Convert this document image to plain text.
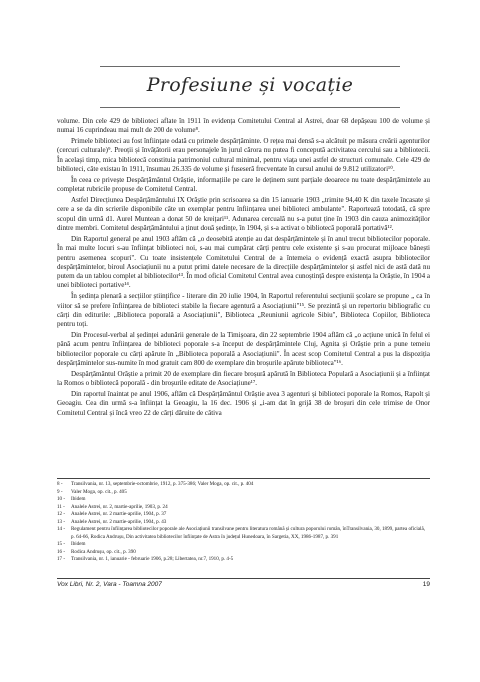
Profesiune și vocație

volume. Din cele 429 de biblioteci aflate în 1911 în evidența Comitetului Central al Astrei, doar 68 depășeau 100 de volume și numai 16 cuprindeau mai mult de 200 de volume⁸.

Primele biblioteci au fost înființate odată cu primele despărțăminte. O rețea mai densă s-a alcătuit pe măsura creării agenturilor (cercuri culturale)⁹. Preoții și învățătorii erau personajele în jurul cărora nu putea fi concepută activitatea cercului sau a bibliotecii. În același timp, mica bibliotecă constituia patrimoniul cultural minimal, pentru viața unei astfel de structuri comunale. Cele 429 de biblioteci, câte existau în 1911, însumau 26.335 de volume și fuseseră frecventate în cursul anului de 9.812 utilizatori¹⁰.

În ceea ce privește Despărțământul Orăștie, informațiile pe care le deținem sunt parțiale deoarece nu toate despărțămintele au completat rubricile propuse de Comitetul Central.

Astfel Direcțiunea Despărțământului IX Orăștie prin scrisoarea sa din 15 ianuarie 1903 „trimite 94,40 K din taxele încasate și cere a se da din scrierile disponibile câte un exemplar pentru înființarea unei biblioteci ambulante". Raportează totodată, că spre scopul din urmă d1. Aurel Muntean a donat 50 de kreițari¹¹. Adunarea cercuală nu s-a putut ține în 1903 din cauza animozităților dintre membri. Comitetul despărțământului a ținut două ședințe, în 1904, și s-a activat o bibliotecă poporală portativă¹².

Din Raportul general pe anul 1903 aflăm că „o deosebită atenție au dat despărțămintele și în anul trecut bibliotecilor poporale. În mai multe locuri s-au înființat biblioteci noi, s-au mai cumpărat cărți pentru cele existente și s-au procurat mijloace bănești pentru asemenea scopuri". Cu toate insistențele Comitetului Central de a întemeia o evidență exactă asupra bibliotecilor despărțămintelor, biroul Asociațiunii nu a putut primi datele necesare de la direcțiile despărțămintelor și astfel nici de astă dată nu putem da un tablou complet al bibliotecilor¹³. În mod oficial Comitetul Central avea cunoștință despre existența la Orăștie, în 1904 a unei biblioteci portative¹⁴.

În ședința plenară a secțiilor științifice - literare din 20 iulie 1904, în Raportul referentului secțiunii școlare se propune „ ca în viitor să se prefere înființarea de biblioteci stabile la fiecare agentură a Asociațiunii"¹⁵. Se prezintă și un repertoriu bibliografic cu cărți din editurile: „Biblioteca poporală a Asociațiunii", Biblioteca „Reuniunii agricole Sibiu", Biblioteca Copiilor, Biblioteca pentru toți.

Din Procesul-verbal al ședinței adunării generale de la Timișoara, din 22 septembrie 1904 aflăm că „o acțiune unică în felul ei până acum pentru înființarea de biblioteci poporale s-a început de despărțămintele Cluj, Agnita și Orăștie prin a pune temeiu bibliotecilor poporale cu cărți apărute în „Biblioteca poporală a Asociațiunii". În acest scop Comitetul Central a pus la dispoziția despărțămintelor sus-numite în mod gratuit cam 800 de exemplare din broșurile apărute biblioteca"¹⁶.

Despărțământul Orăștie a primit 20 de exemplare din fiecare broșură apărută în Biblioteca Populară a Asociațiunii și a înființat la Romos o bibliotecă poporală - din broșurile editate de Asociațiune¹⁷.

Din raportul înaintat pe anul 1906, aflăm că Despărțământul Orăștie avea 3 agenturi și biblioteci poporale la Romos, Rapolt și Geoagiu. Cea din urmă s-a înființat la Geoagiu, la 16 dec. 1906 și „i-am dat în grijă 38 de broșuri din cele trimise de Onor Comitetul Central și încă vreo 22 de cărți dăruite de câtiva

8 -	Transilvania, nr. 13, septembrie-octombrie, 1912, p. 375-386; Valer Moga, op. cit., p. 404
9 -	Valer Moga, op. cit., p. 405
10 -	Ibidem
11 -	Analele Astrei, nr. 2, martie-aprilie, 1903, p. 24
12 -	Analele Astrei, nr. 2 martie-aprilie, 1904, p. 37
13 -	Analele Astrei, nr. 2 martie-aprilie, 1904, p. 43
14 -	Regulament pentru înființarea bibliotecilor poporale ale Asociațiunii transilvane pentru literatura română și cultura poporului român, înTransilvania, 30, 1899, partea oficială, p. 64-66, Rodica Andrușu, Din activitatea bibliotecilor înființate de Astra în județul Hunedoara, în Sargetia, XX, 1986-1987, p. 391
15 -	Ibidem
16 -	Rodica Andrușu, op. cit., p. 390
17 -	Transilvania, nr. 1, ianuarie - februarie 1906, p.28; Libertatea, nr.7, 1910, p. 4-5
Vox Libri, Nr. 2, Vara - Toamna 2007	19
